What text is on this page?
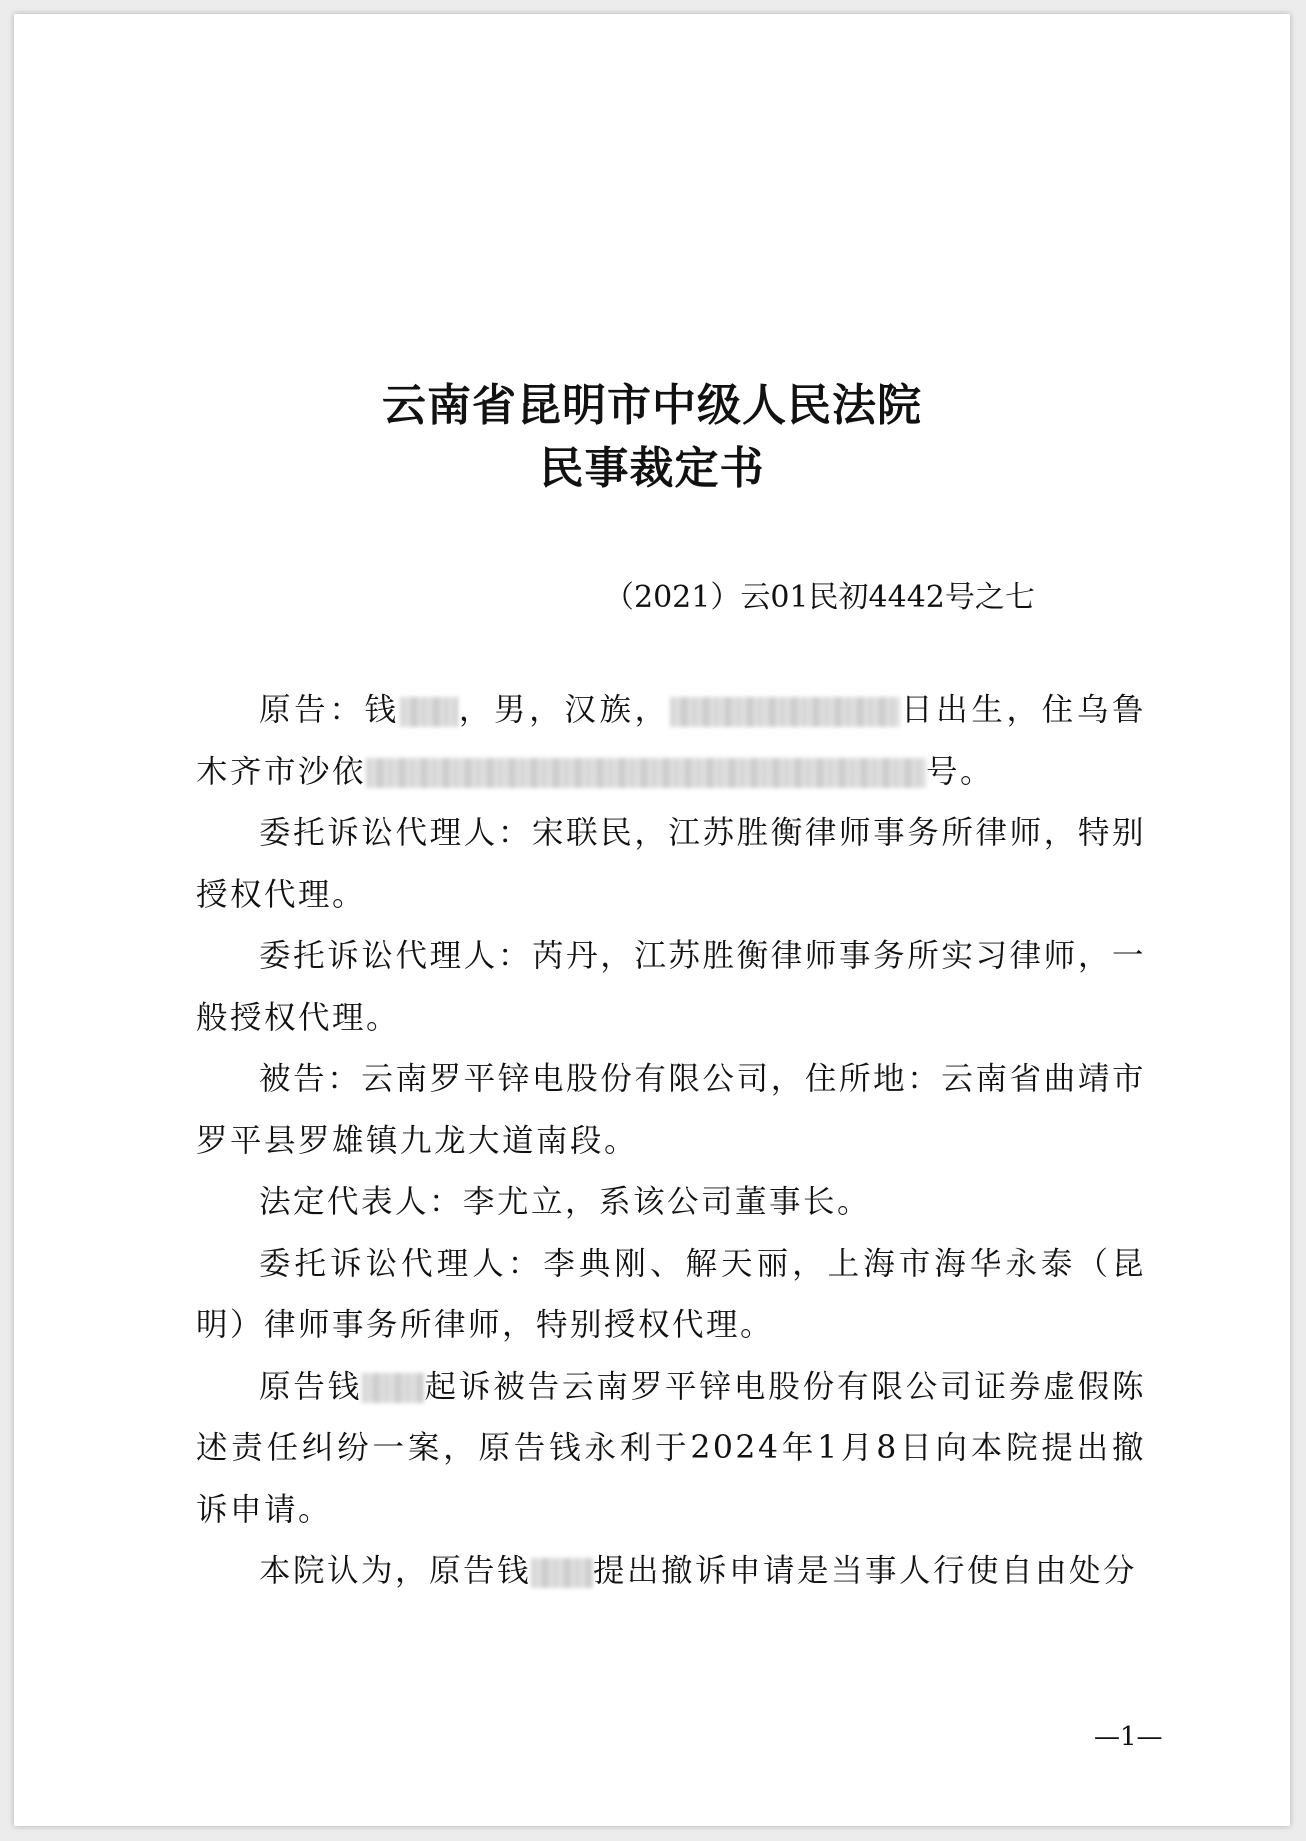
云南省昆明市中级人民法院
民事裁定书
（2021）云01民初4442号之七

原告：钱 ，男，汉族，	日出生，住乌鲁木齐市沙依	号。

委托诉讼代理人：宋联民，江苏胜衡律师事务所律师，特别授权代理。

委托诉讼代理人：芮丹，江苏胜衡律师事务所实习律师，一般授权代理。

被告：云南罗平锌电股份有限公司，住所地：云南省曲靖市罗平县罗雄镇九龙大道南段。

法定代表人：李尤立，系该公司董事长。

委托诉讼代理人：李典刚、解天丽，上海市海华永泰（昆明）律师事务所律师，特别授权代理。

原告钱 起诉被告云南罗平锌电股份有限公司证券虚假陈述责任纠纷一案，原告钱永利于2024年1月8日向本院提出撤诉申请。

本院认为，原告钱 提出撤诉申请是当事人行使自由处分

—1—
